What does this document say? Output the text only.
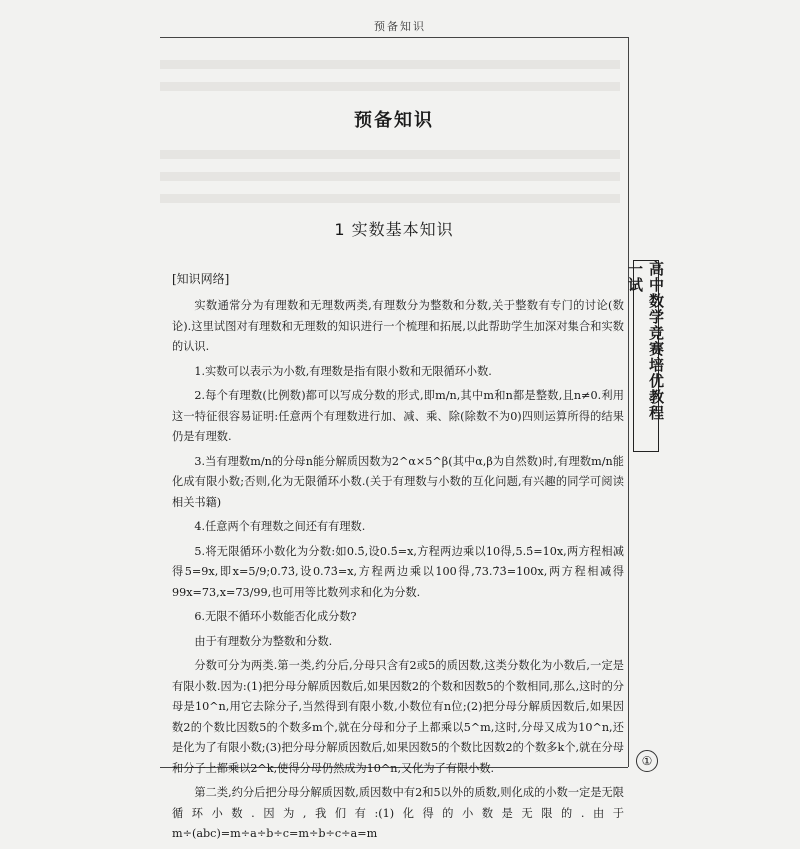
预备知识
预备知识
1 实数基本知识
高中数学竞赛培优教程 一试
①
[知识网络]

实数通常分为有理数和无理数两类,有理数分为整数和分数,关于整数有专门的讨论(数论).这里试图对有理数和无理数的知识进行一个梳理和拓展,以此帮助学生加深对集合和实数的认识.

1.实数可以表示为小数,有理数是指有限小数和无限循环小数.

2.每个有理数(比例数)都可以写成分数的形式,即m/n,其中m和n都是整数,且n≠0.利用这一特征很容易证明:任意两个有理数进行加、减、乘、除(除数不为0)四则运算所得的结果仍是有理数.

3.当有理数m/n的分母n能分解质因数为2^α×5^β(其中α,β为自然数)时,有理数m/n能化成有限小数;否则,化为无限循环小数.(关于有理数与小数的互化问题,有兴趣的同学可阅读相关书籍)

4.任意两个有理数之间还有有理数.

5.将无限循环小数化为分数:如0.5̇,设0.5̇=x,方程两边乘以10得,5.5̇=10x,两方程相减得5=9x,即x=5/9;0.7̇3̇,设0.7̇3̇=x,方程两边乘以100得,73.7̇3̇=100x,两方程相减得99x=73,x=73/99,也可用等比数列求和化为分数.

6.无限不循环小数能否化成分数?

由于有理数分为整数和分数.

分数可分为两类.第一类,约分后,分母只含有2或5的质因数,这类分数化为小数后,一定是有限小数.因为:(1)把分母分解质因数后,如果因数2的个数和因数5的个数相同,那么,这时的分母是10^n,用它去除分子,当然得到有限小数,小数位有n位;(2)把分母分解质因数后,如果因数2的个数比因数5的个数多m个,就在分母和分子上都乘以5^m,这时,分母又成为10^n,还是化为了有限小数;(3)把分母分解质因数后,如果因数5的个数比因数2的个数多k个,就在分母和分子上都乘以2^k,使得分母仍然成为10^n,又化为了有限小数.

第二类,约分后把分母分解质因数,质因数中有2和5以外的质数,则化成的小数一定是无限循环小数.因为,我们有:(1)化得的小数是无限的.由于m÷(abc)=m÷a÷b÷c=m÷b÷c÷a=m
